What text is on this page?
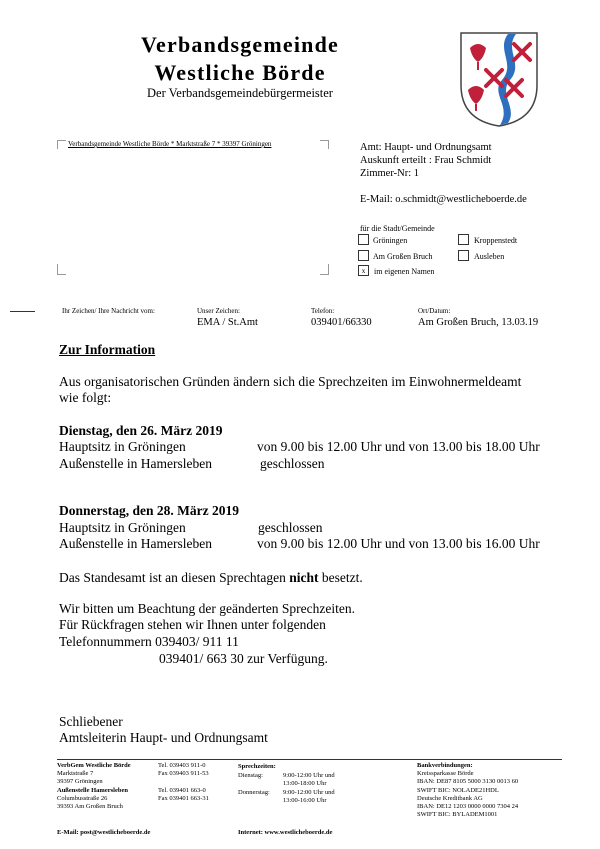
Verbandsgemeinde
Westliche Börde
Der Verbandsgemeindebürgermeister
Verbandsgemeinde Westliche Börde * Marktstraße 7 * 39397 Gröningen	Amt: Haupt- und Ordnungsamt
Auskunft erteilt : Frau Schmidt
Zimmer-Nr: 1
E-Mail: o.schmidt@westlicheboerde.de
für die Stadt/Gemeinde
Gröningen	Kroppenstedt
Am Großen Bruch	Ausleben
x	im eigenen Namen
Ihr Zeichen/ Ihre Nachricht vom:	Unser Zeichen:
EMA / St.Amt
Telefon:
039401/66330
Ort/Datum:
Am Großen Bruch, 13.03.19
Zur Information
Aus organisatorischen Gründen ändern sich die Sprechzeiten im Einwohnermeldeamt
wie folgt:
Dienstag, den 26. März 2019
Hauptsitz in Gröningen	von 9.00 bis 12.00 Uhr und von 13.00 bis 18.00 Uhr
Außenstelle in Hamersleben	geschlossen
Donnerstag, den 28. März 2019
Hauptsitz in Gröningen	geschlossen
Außenstelle in Hamersleben	von 9.00 bis 12.00 Uhr und von 13.00 bis 16.00 Uhr
Das Standesamt ist an diesen Sprechtagen nicht besetzt.
Wir bitten um Beachtung der geänderten Sprechzeiten.
Für Rückfragen stehen wir Ihnen unter folgenden
Telefonnummern 039403/ 911 11
039401/ 663 30 zur Verfügung.
Schliebener
Amtsleiterin Haupt- und Ordnungsamt
VerbGem Westliche Börde
Marktstraße 7
39397 Gröningen
Außenstelle Hamersleben
Columbusstraße 26
39393 Am Großen Bruch
Tel. 039403 911-0
Fax 039403 911-53
Tel. 039401 663-0
Fax 039401 663-31
Sprechzeiten:
Dienstag:	9:00-12:00 Uhr und
13:00-18:00 Uhr
Donnerstag: 9:00-12:00 Uhr und
13:00-16:00 Uhr
Bankverbindungen:
Kreissparkasse Börde
IBAN: DE87 8105 5000 3130 0013 60
SWIFT BIC: NOLADE21HDL
Deutsche Kreditbank AG
IBAN: DE12 1203 0000 0000 7304 24
SWIFT BIC: BYLADEM1001
E-Mail: post@westlicheboerde.de	Internet: www.westlicheboerde.de
